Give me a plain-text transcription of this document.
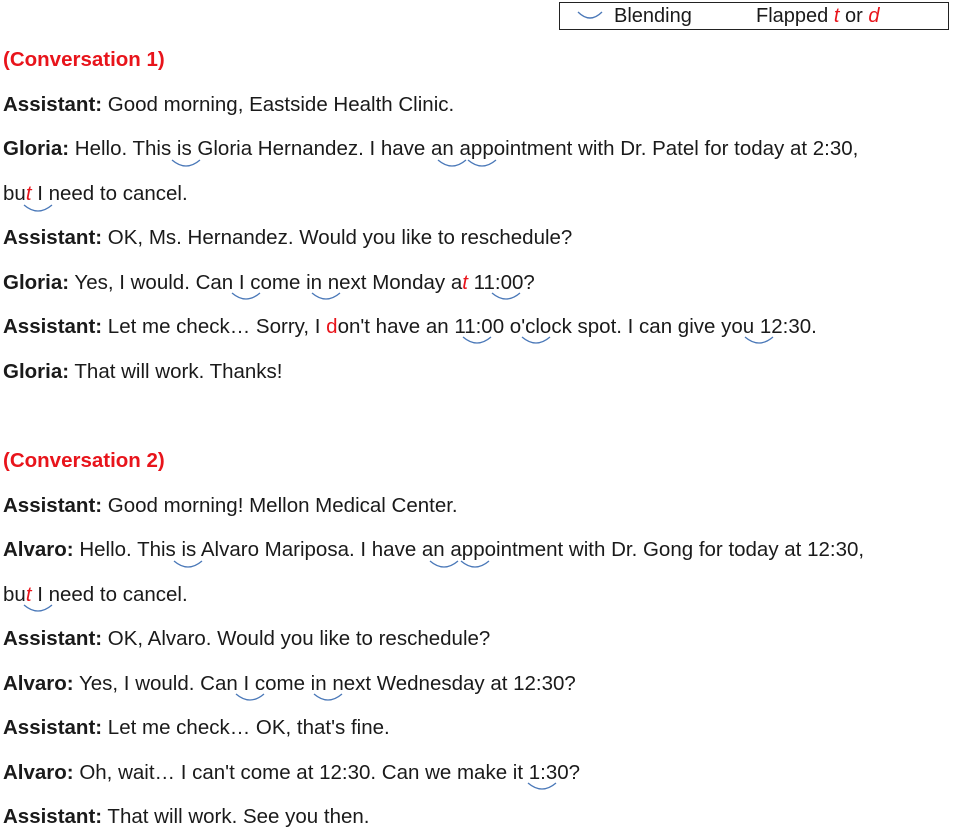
Blending	Flapped t or d
(Conversation 1)
Assistant: Good morning, Eastside Health Clinic.
Gloria: Hello. This is Gloria Hernandez. I have an appointment with Dr. Patel for today at 2:30,
but I need to cancel.
Assistant: OK, Ms. Hernandez. Would you like to reschedule?
Gloria: Yes, I would. Can I come in next Monday at 11:00?
Assistant: Let me check… Sorry, I don't have an 11:00 o'clock spot. I can give you 12:30.
Gloria: That will work. Thanks!
(Conversation 2)
Assistant: Good morning! Mellon Medical Center.
Alvaro: Hello. This is Alvaro Mariposa. I have an appointment with Dr. Gong for today at 12:30,
but I need to cancel.
Assistant: OK, Alvaro. Would you like to reschedule?
Alvaro: Yes, I would. Can I come in next Wednesday at 12:30?
Assistant: Let me check… OK, that's fine.
Alvaro: Oh, wait… I can't come at 12:30. Can we make it 1:30?
Assistant: That will work. See you then.
